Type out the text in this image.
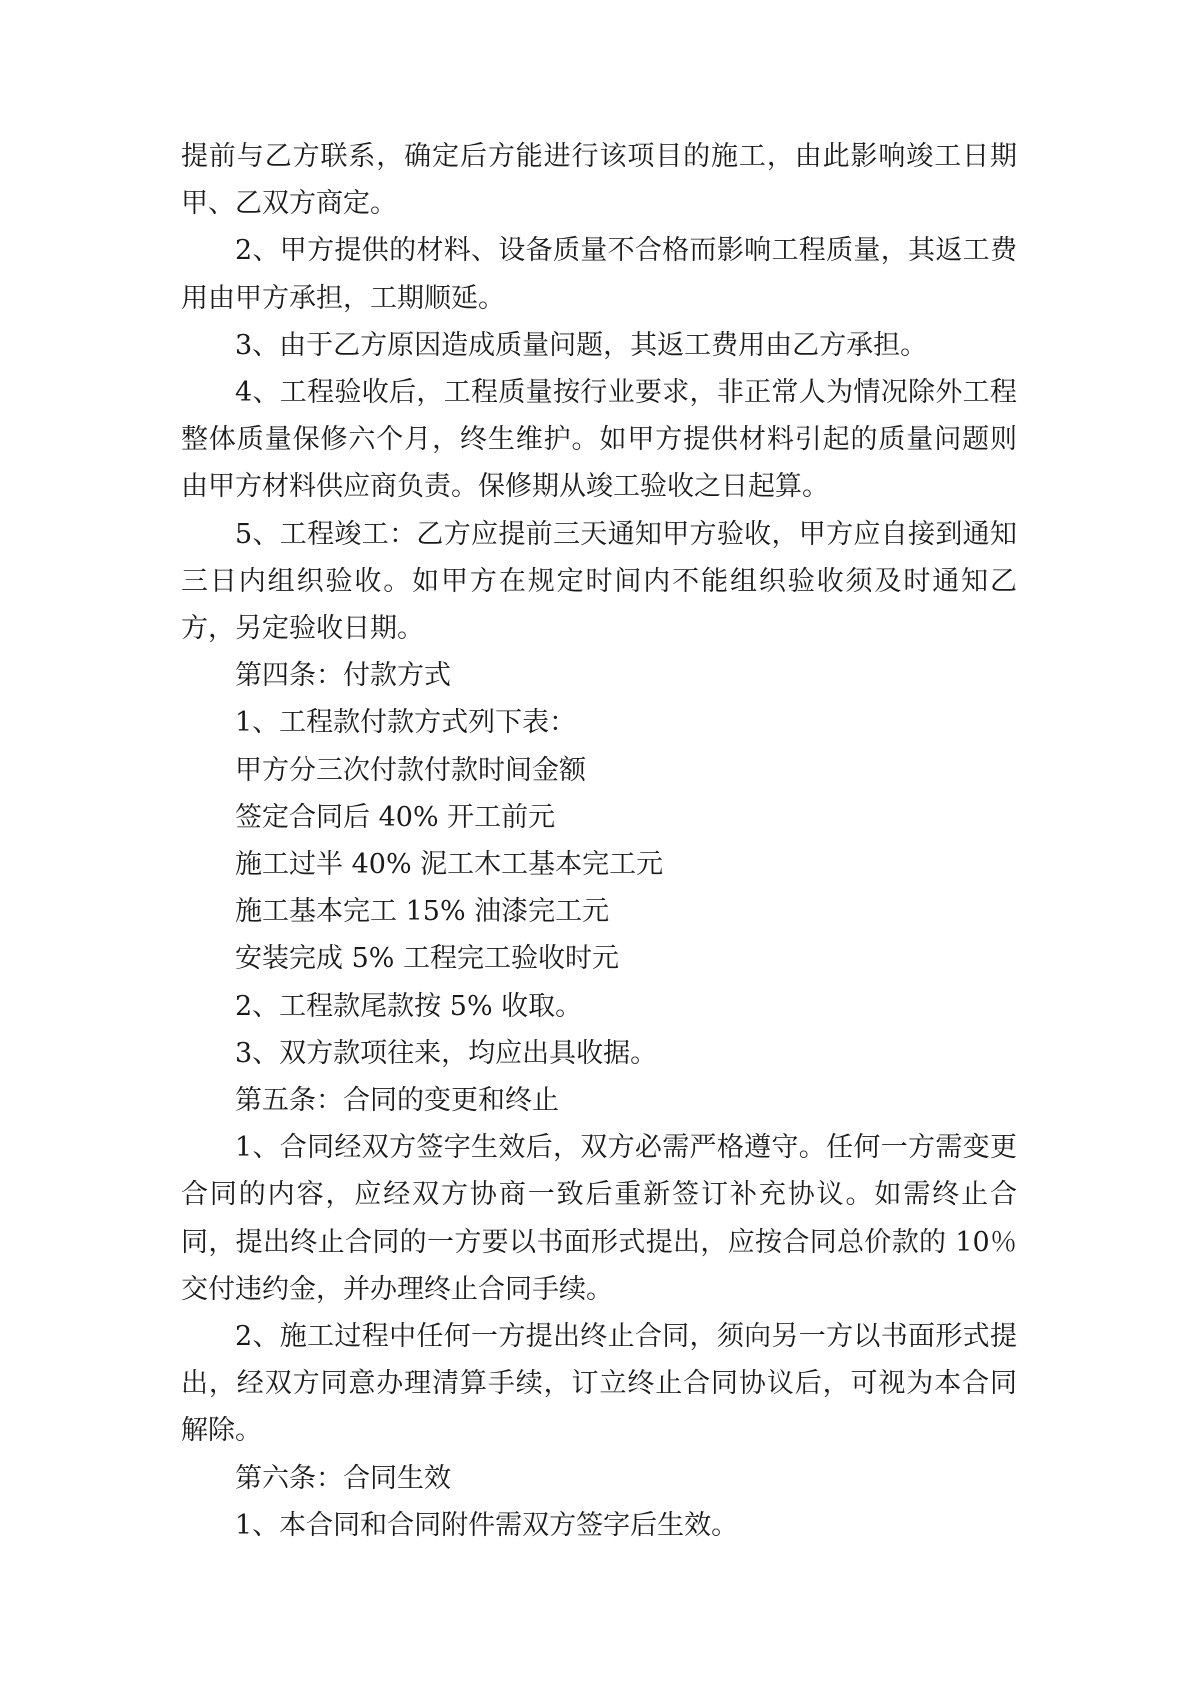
提前与乙方联系，确定后方能进行该项目的施工，由此影响竣工日期甲、乙双方商定。

2、甲方提供的材料、设备质量不合格而影响工程质量，其返工费用由甲方承担，工期顺延。

3、由于乙方原因造成质量问题，其返工费用由乙方承担。

4、工程验收后，工程质量按行业要求，非正常人为情况除外工程整体质量保修六个月，终生维护。如甲方提供材料引起的质量问题则由甲方材料供应商负责。保修期从竣工验收之日起算。

5、工程竣工：乙方应提前三天通知甲方验收，甲方应自接到通知三日内组织验收。如甲方在规定时间内不能组织验收须及时通知乙方，另定验收日期。

第四条：付款方式

1、工程款付款方式列下表：

甲方分三次付款付款时间金额

签定合同后 40% 开工前元

施工过半 40% 泥工木工基本完工元

施工基本完工 15% 油漆完工元

安装完成 5% 工程完工验收时元

2、工程款尾款按 5% 收取。

3、双方款项往来，均应出具收据。

第五条：合同的变更和终止

1、合同经双方签字生效后，双方必需严格遵守。任何一方需变更合同的内容，应经双方协商一致后重新签订补充协议。如需终止合同，提出终止合同的一方要以书面形式提出，应按合同总价款的 10％交付违约金，并办理终止合同手续。

2、施工过程中任何一方提出终止合同，须向另一方以书面形式提出，经双方同意办理清算手续，订立终止合同协议后，可视为本合同解除。

第六条：合同生效

1、本合同和合同附件需双方签字后生效。
